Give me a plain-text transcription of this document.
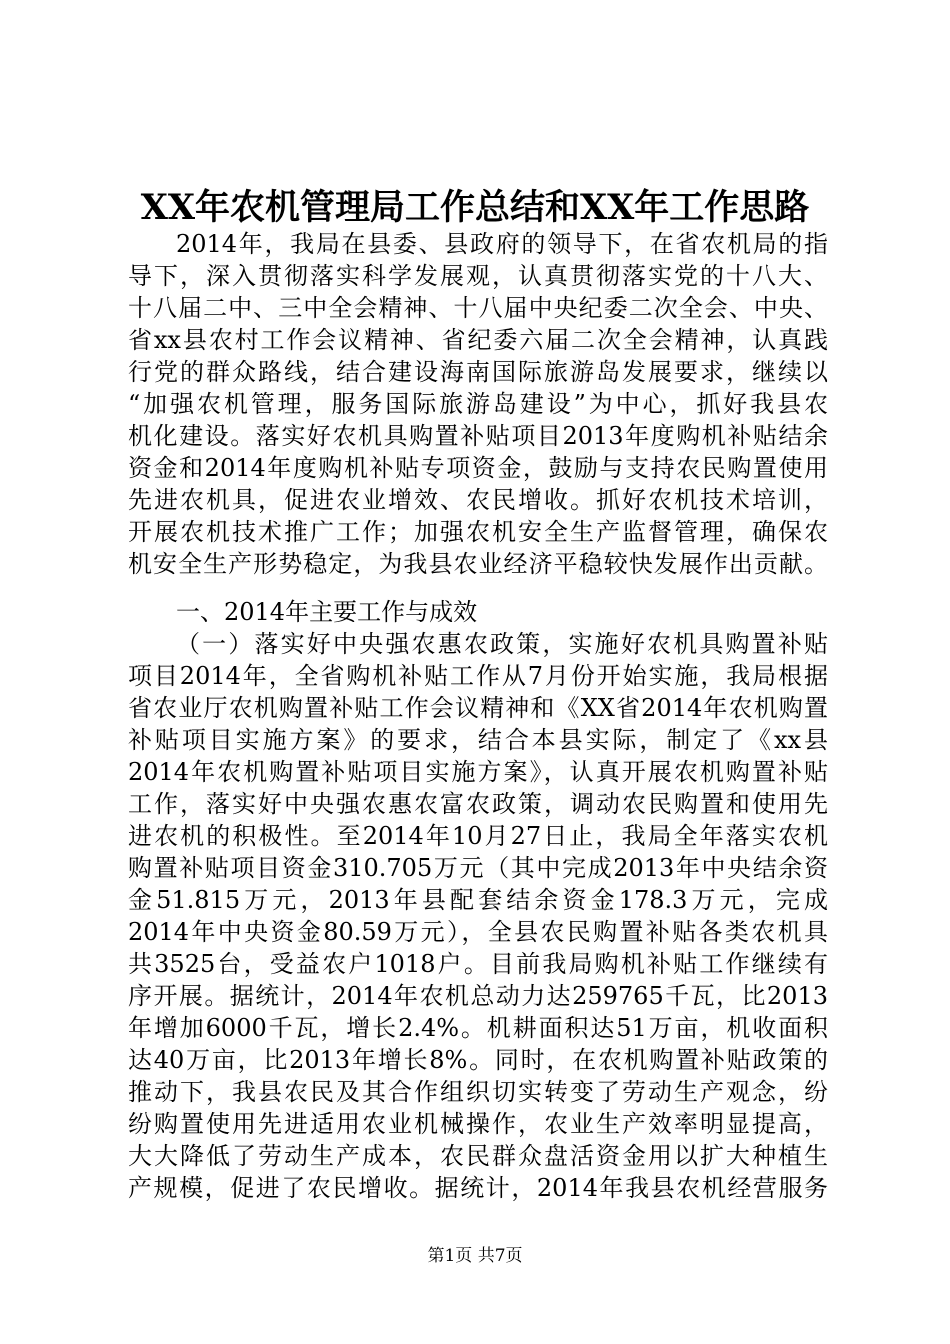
XX年农机管理局工作总结和XX年工作思路
2014年，我局在县委、县政府的领导下，在省农机局的指
导下，深入贯彻落实科学发展观，认真贯彻落实党的十八大、
十八届二中、三中全会精神、十八届中央纪委二次全会、中央、
省xx县农村工作会议精神、省纪委六届二次全会精神，认真践
行党的群众路线，结合建设海南国际旅游岛发展要求，继续以
“加强农机管理，服务国际旅游岛建设”为中心，抓好我县农
机化建设。落实好农机具购置补贴项目2013年度购机补贴结余
资金和2014年度购机补贴专项资金，鼓励与支持农民购置使用
先进农机具，促进农业增效、农民增收。抓好农机技术培训，
开展农机技术推广工作；加强农机安全生产监督管理，确保农
机安全生产形势稳定，为我县农业经济平稳较快发展作出贡献。
一、2014年主要工作与成效
（一）落实好中央强农惠农政策，实施好农机具购置补贴
项目2014年，全省购机补贴工作从7月份开始实施，我局根据
省农业厅农机购置补贴工作会议精神和《XX省2014年农机购置
补贴项目实施方案》的要求，结合本县实际，制定了《xx县
2014年农机购置补贴项目实施方案》，认真开展农机购置补贴
工作，落实好中央强农惠农富农政策，调动农民购置和使用先
进农机的积极性。至2014年10月27日止，我局全年落实农机
购置补贴项目资金310.705万元（其中完成2013年中央结余资
金51.815万元，2013年县配套结余资金178.3万元，完成
2014年中央资金80.59万元），全县农民购置补贴各类农机具
共3525台，受益农户1018户。目前我局购机补贴工作继续有
序开展。据统计，2014年农机总动力达259765千瓦，比2013
年增加6000千瓦，增长2.4%。机耕面积达51万亩，机收面积
达40万亩，比2013年增长8%。同时，在农机购置补贴政策的
推动下，我县农民及其合作组织切实转变了劳动生产观念，纷
纷购置使用先进适用农业机械操作，农业生产效率明显提高，
大大降低了劳动生产成本，农民群众盘活资金用以扩大种植生
产规模，促进了农民增收。据统计，2014年我县农机经营服务
第1页 共7页
